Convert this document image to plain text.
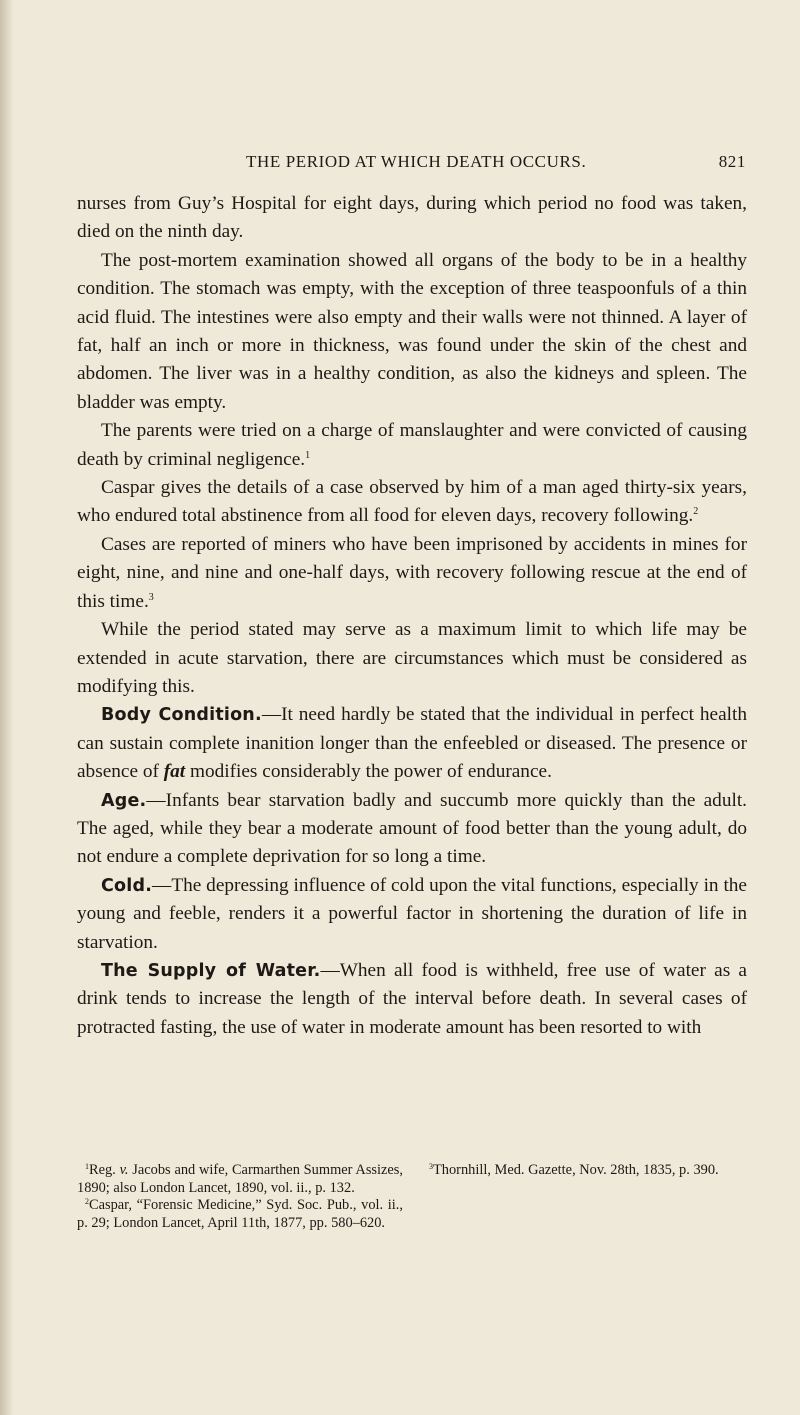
THE PERIOD AT WHICH DEATH OCCURS.	821

nurses from Guy’s Hospital for eight days, during which period no food was taken, died on the ninth day.

The post-mortem examination showed all organs of the body to be in a healthy condition. The stomach was empty, with the exception of three teaspoonfuls of a thin acid fluid. The intestines were also empty and their walls were not thinned. A layer of fat, half an inch or more in thickness, was found under the skin of the chest and abdomen. The liver was in a healthy condition, as also the kidneys and spleen. The bladder was empty.

The parents were tried on a charge of manslaughter and were convicted of causing death by criminal negligence.$^1$

Caspar gives the details of a case observed by him of a man aged thirty-six years, who endured total abstinence from all food for eleven days, recovery following.$^2$

Cases are reported of miners who have been imprisoned by accidents in mines for eight, nine, and nine and one-half days, with recovery following rescue at the end of this time.$^3$

While the period stated may serve as a maximum limit to which life may be extended in acute starvation, there are circumstances which must be considered as modifying this.

Body Condition.—It need hardly be stated that the individual in perfect health can sustain complete inanition longer than the enfeebled or diseased. The presence or absence of fat modifies considerably the power of endurance.

Age.—Infants bear starvation badly and succumb more quickly than the adult. The aged, while they bear a moderate amount of food better than the young adult, do not endure a complete deprivation for so long a time.

Cold.—The depressing influence of cold upon the vital functions, especially in the young and feeble, renders it a powerful factor in shortening the duration of life in starvation.

The Supply of Water.—When all food is withheld, free use of water as a drink tends to increase the length of the interval before death. In several cases of protracted fasting, the use of water in moderate amount has been resorted to with

$^1$Reg. v. Jacobs and wife, Carmarthen Summer Assizes, 1890; also London Lancet, 1890, vol. ii., p. 132.

$^2$Caspar, “Forensic Medicine,” Syd. Soc. Pub., vol. ii., p. 29; London Lancet, April 11th, 1877, pp. 580–620.

$^3$Thornhill, Med. Gazette, Nov. 28th, 1835, p. 390.
